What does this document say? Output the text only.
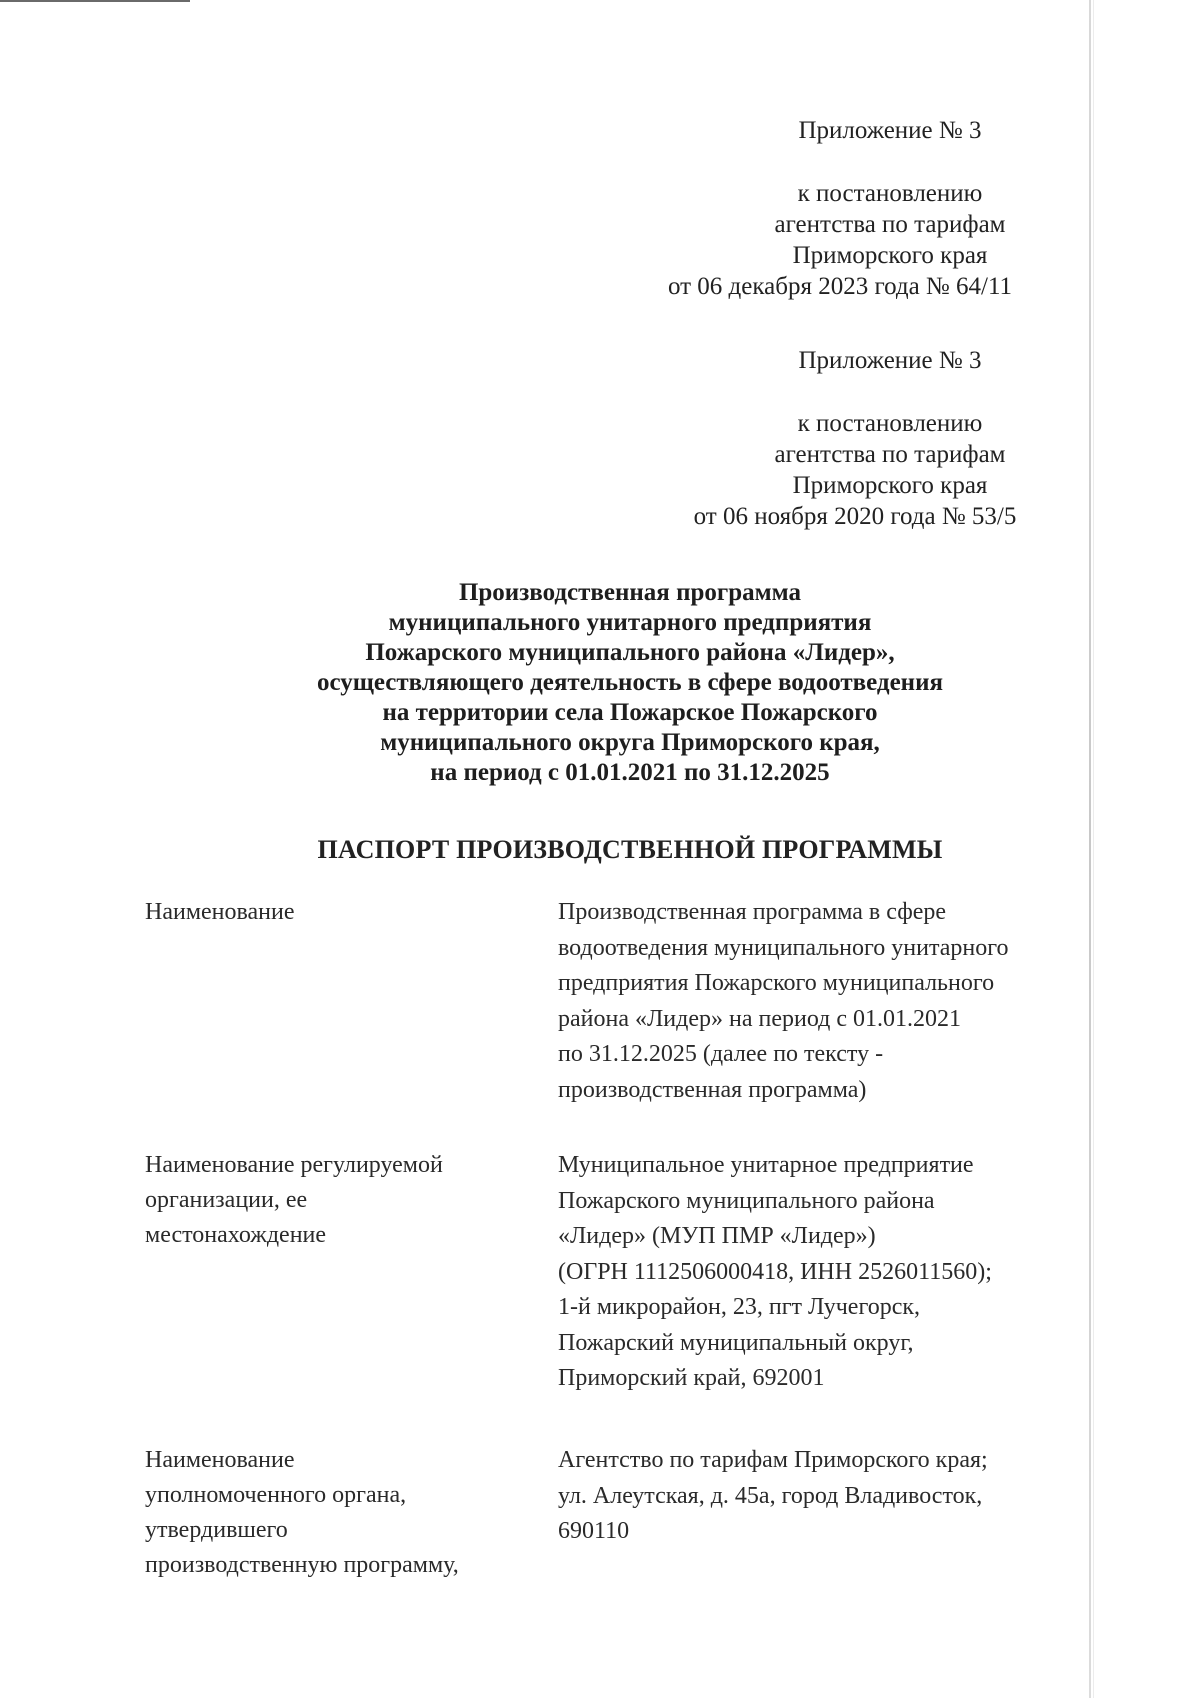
Приложение № 3
к постановлению
агентства по тарифам
Приморского края
от 06 декабря 2023 года № 64/11
Приложение № 3
к постановлению
агентства по тарифам
Приморского края
от 06 ноября 2020 года № 53/5
Производственная программа
муниципального унитарного предприятия
Пожарского муниципального района «Лидер»,
осуществляющего деятельность в сфере водоотведения
на территории села Пожарское Пожарского
муниципального округа Приморского края,
на период с 01.01.2021 по 31.12.2025
ПАСПОРТ ПРОИЗВОДСТВЕННОЙ ПРОГРАММЫ
Наименование	Производственная программа в сфере
водоотведения муниципального унитарного
предприятия Пожарского муниципального
района «Лидер» на период с 01.01.2021
по 31.12.2025 (далее по тексту -
производственная программа)
Наименование регулируемой
организации, ее
местонахождение
Муниципальное унитарное предприятие
Пожарского муниципального района
«Лидер» (МУП ПМР «Лидер»)
(ОГРН 1112506000418, ИНН 2526011560);
1-й микрорайон, 23, пгт Лучегорск,
Пожарский муниципальный округ,
Приморский край, 692001
Наименование
уполномоченного органа,
утвердившего
производственную программу,
Агентство по тарифам Приморского края;
ул. Алеутская, д. 45а, город Владивосток,
690110
